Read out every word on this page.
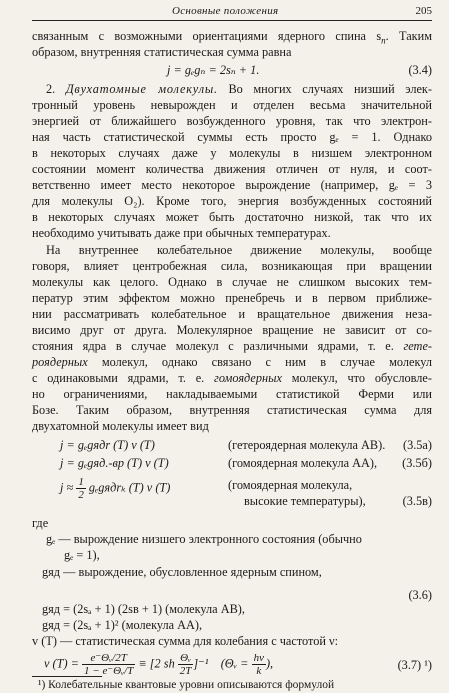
Основные положения	205
связанным с возможными ориентациями ядерного спина $s_n$. Таким
образом, внутренняя статистическая сумма равна
j = gₑgₙ = 2sₙ + 1.	(3.4)
2. Двухатомные молекулы. Во многих случаях низший элек-
тронный уровень невырожден и отделен весьма значительной
энергией от ближайшего возбужденного уровня, так что электрон-
ная часть статистической суммы есть просто gₑ = 1. Однако
в некоторых случаях даже у молекулы в низшем электронном
состоянии момент количества движения отличен от нуля, и соот-
ветственно имеет место некоторое вырождение (например, gₑ = 3
для молекулы O₂). Кроме того, энергия возбужденных состояний
в некоторых случаях может быть достаточно низкой, так что их
необходимо учитывать даже при обычных температурах.
На внутреннее колебательное движение молекулы, вообще
говоря, влияет центробежная сила, возникающая при вращении
молекулы как целого. Однако в случае не слишком высоких тем-
ператур этим эффектом можно пренебречь и в первом приближе-
нии рассматривать колебательное и вращательное движения неза-
висимо друг от друга. Молекулярное вращение не зависит от со-
стояния ядра в случае молекул с различными ядрами, т. е. гете-
роядерных молекул, однако связано с ним в случае молекул
с одинаковыми ядрами, т. е. гомоядерных молекул, что обусловле-
но ограничениями, накладываемыми статистикой Ферми или
Бозе. Таким образом, внутренняя статистическая сумма для
двухатомной молекулы имеет вид
j = gₑgядr (T) v (T)	(гетероядерная молекула AB). (3.5a)
j = gₑgяд.-вр (T) v (T)	(гомоядерная молекула AA), (3.5б)
$j \approx \frac{1}{2}$ gₑgядrₖ (T) v (T)	(гомоядерная молекула,
высокие температуры),	(3.5в)
где
gₑ — вырождение низшего электронного состояния (обычно
gₑ = 1),
gяд — вырождение, обусловленное ядерным спином,
(3.6)
gяд = (2sₐ + 1) (2sв + 1) (молекула AB),
gяд = (2sₐ + 1)² (молекула AA),
v (T) — статистическая сумма для колебания с частотой ν:
v $(T) = \frac{\text{e⁻Θᵥ/2T}}{\text{1 − e⁻Θᵥ/T}} \equiv [2$ sh $\frac{\text{Θᵥ}}{2T} ]^{-1}$ (Θᵥ = $\frac{h\nu}{k}$ ),	(3.7) ¹)
¹) Колебательные квантовые уровни описываются формулой
